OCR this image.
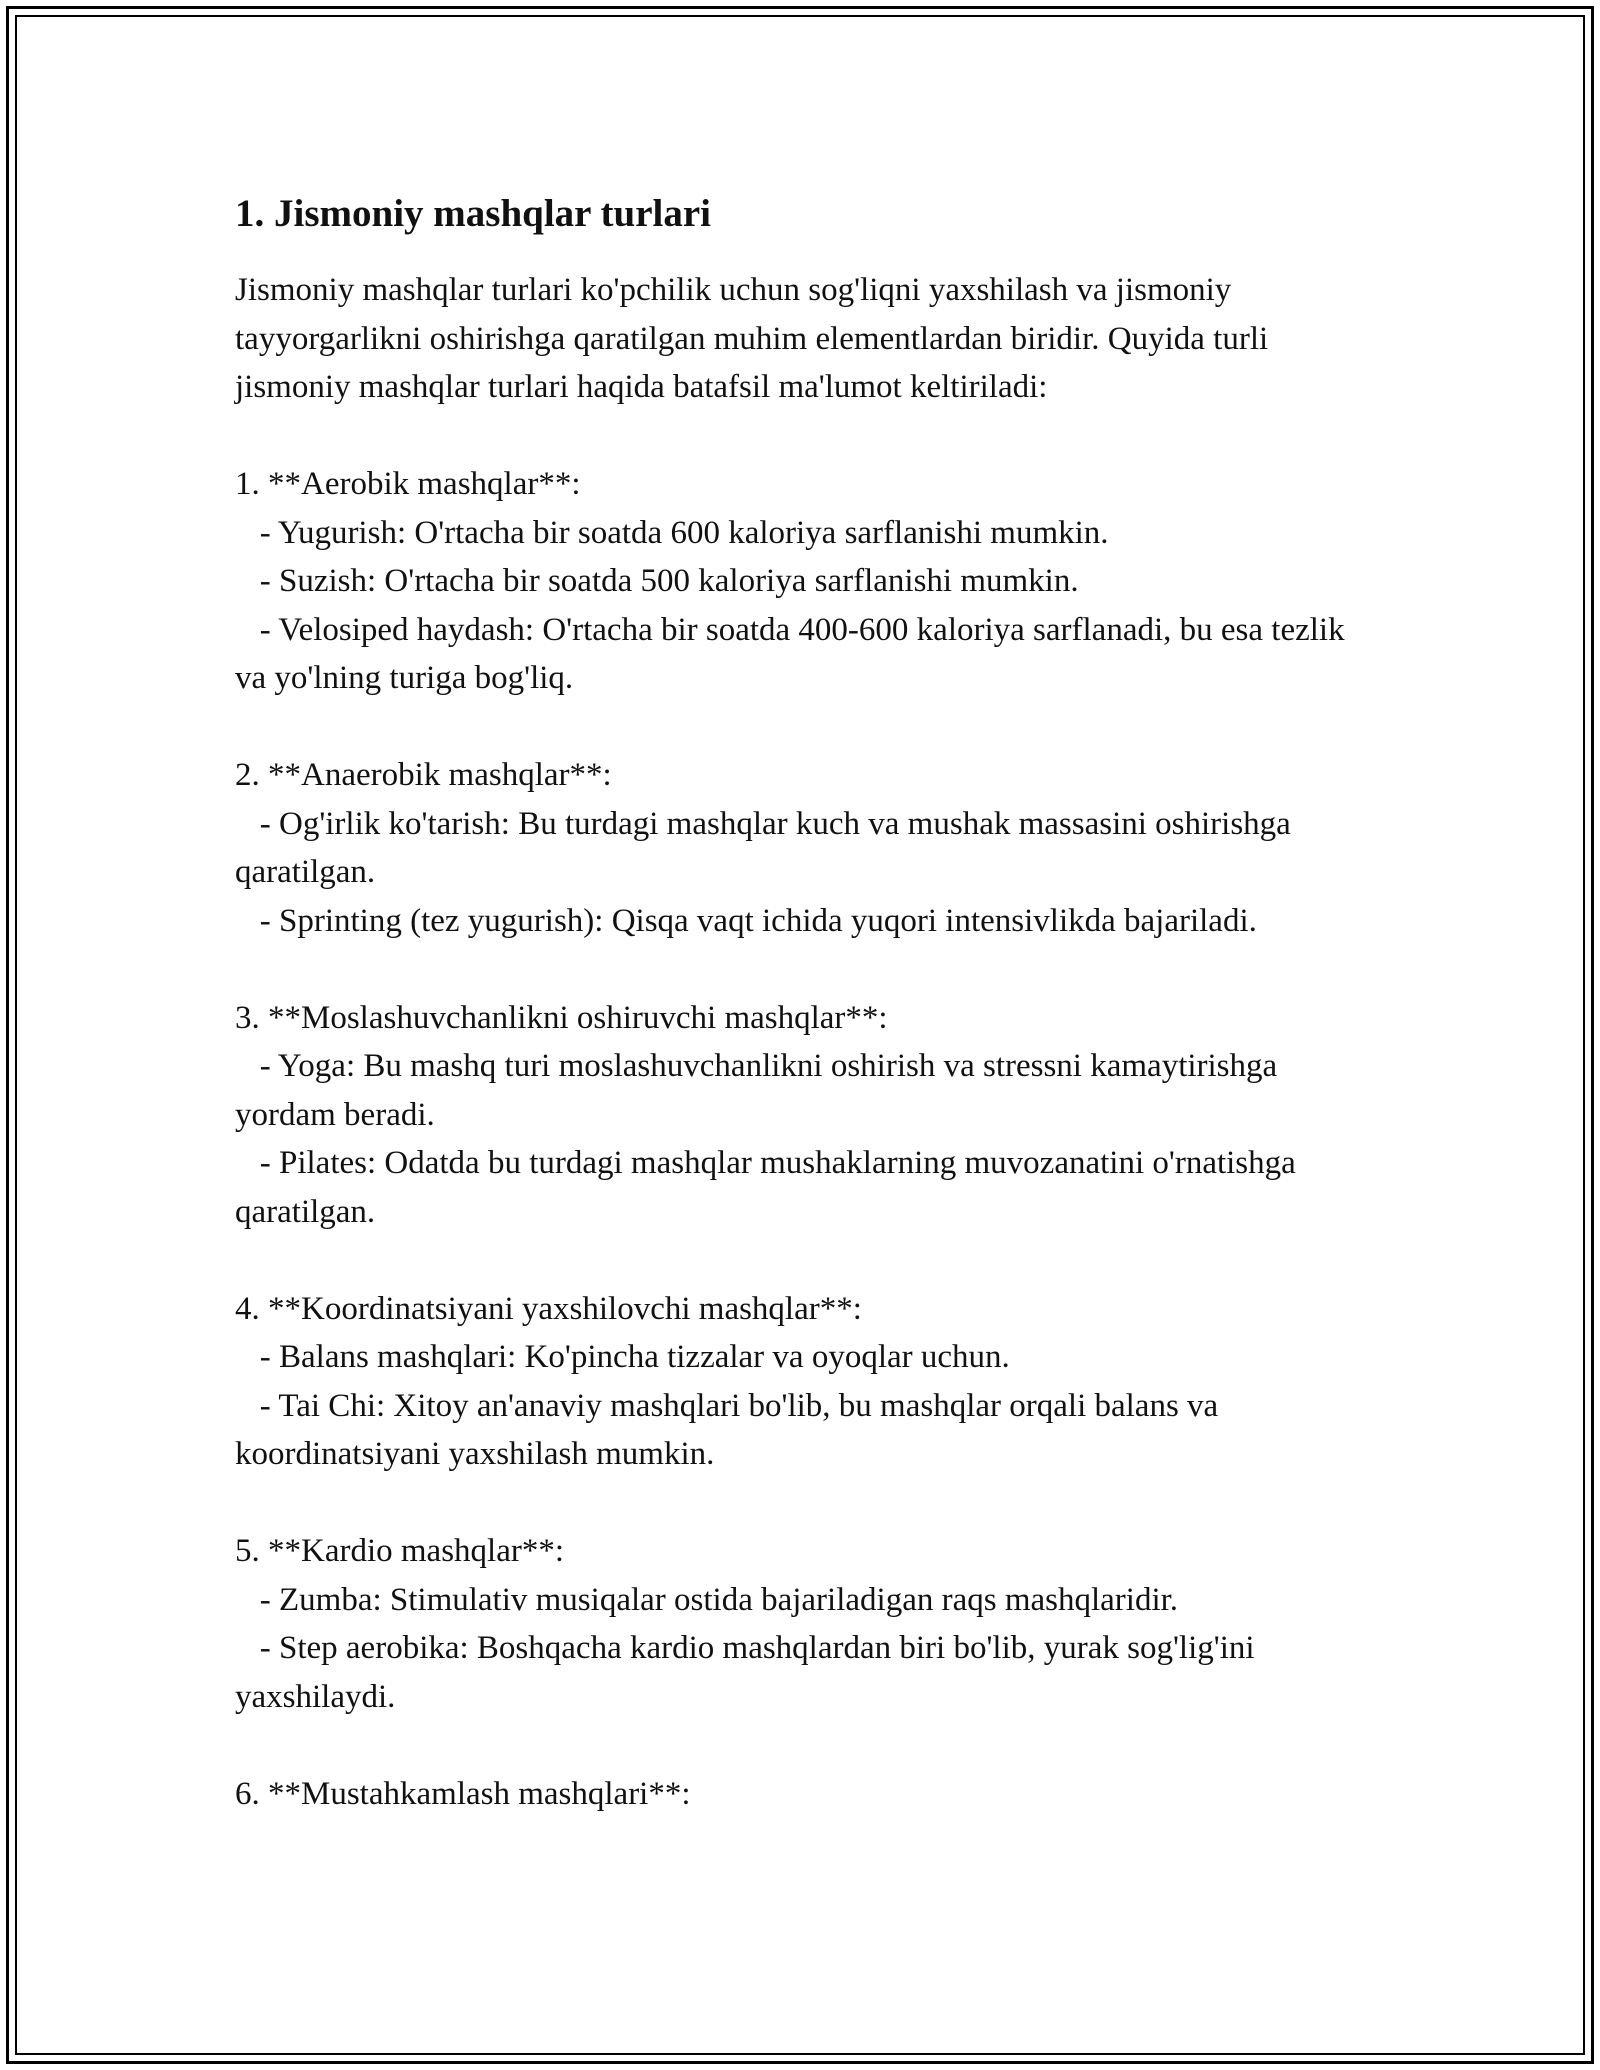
1. Jismoniy mashqlar turlari

Jismoniy mashqlar turlari ko'pchilik uchun sog'liqni yaxshilash va jismoniy tayyorgarlikni oshirishga qaratilgan muhim elementlardan biridir. Quyida turli jismoniy mashqlar turlari haqida batafsil ma'lumot keltiriladi:

1. **Aerobik mashqlar**:

- Yugurish: O'rtacha bir soatda 600 kaloriya sarflanishi mumkin.

- Suzish: O'rtacha bir soatda 500 kaloriya sarflanishi mumkin.

- Velosiped haydash: O'rtacha bir soatda 400-600 kaloriya sarflanadi, bu esa tezlik va yo'lning turiga bog'liq.

2. **Anaerobik mashqlar**:

- Og'irlik ko'tarish: Bu turdagi mashqlar kuch va mushak massasini oshirishga qaratilgan.

- Sprinting (tez yugurish): Qisqa vaqt ichida yuqori intensivlikda bajariladi.

3. **Moslashuvchanlikni oshiruvchi mashqlar**:

- Yoga: Bu mashq turi moslashuvchanlikni oshirish va stressni kamaytirishga yordam beradi.

- Pilates: Odatda bu turdagi mashqlar mushaklarning muvozanatini o'rnatishga qaratilgan.

4. **Koordinatsiyani yaxshilovchi mashqlar**:

- Balans mashqlari: Ko'pincha tizzalar va oyoqlar uchun.

- Tai Chi: Xitoy an'anaviy mashqlari bo'lib, bu mashqlar orqali balans va koordinatsiyani yaxshilash mumkin.

5. **Kardio mashqlar**:

- Zumba: Stimulativ musiqalar ostida bajariladigan raqs mashqlaridir.

- Step aerobika: Boshqacha kardio mashqlardan biri bo'lib, yurak sog'lig'ini yaxshilaydi.

6. **Mustahkamlash mashqlari**:
